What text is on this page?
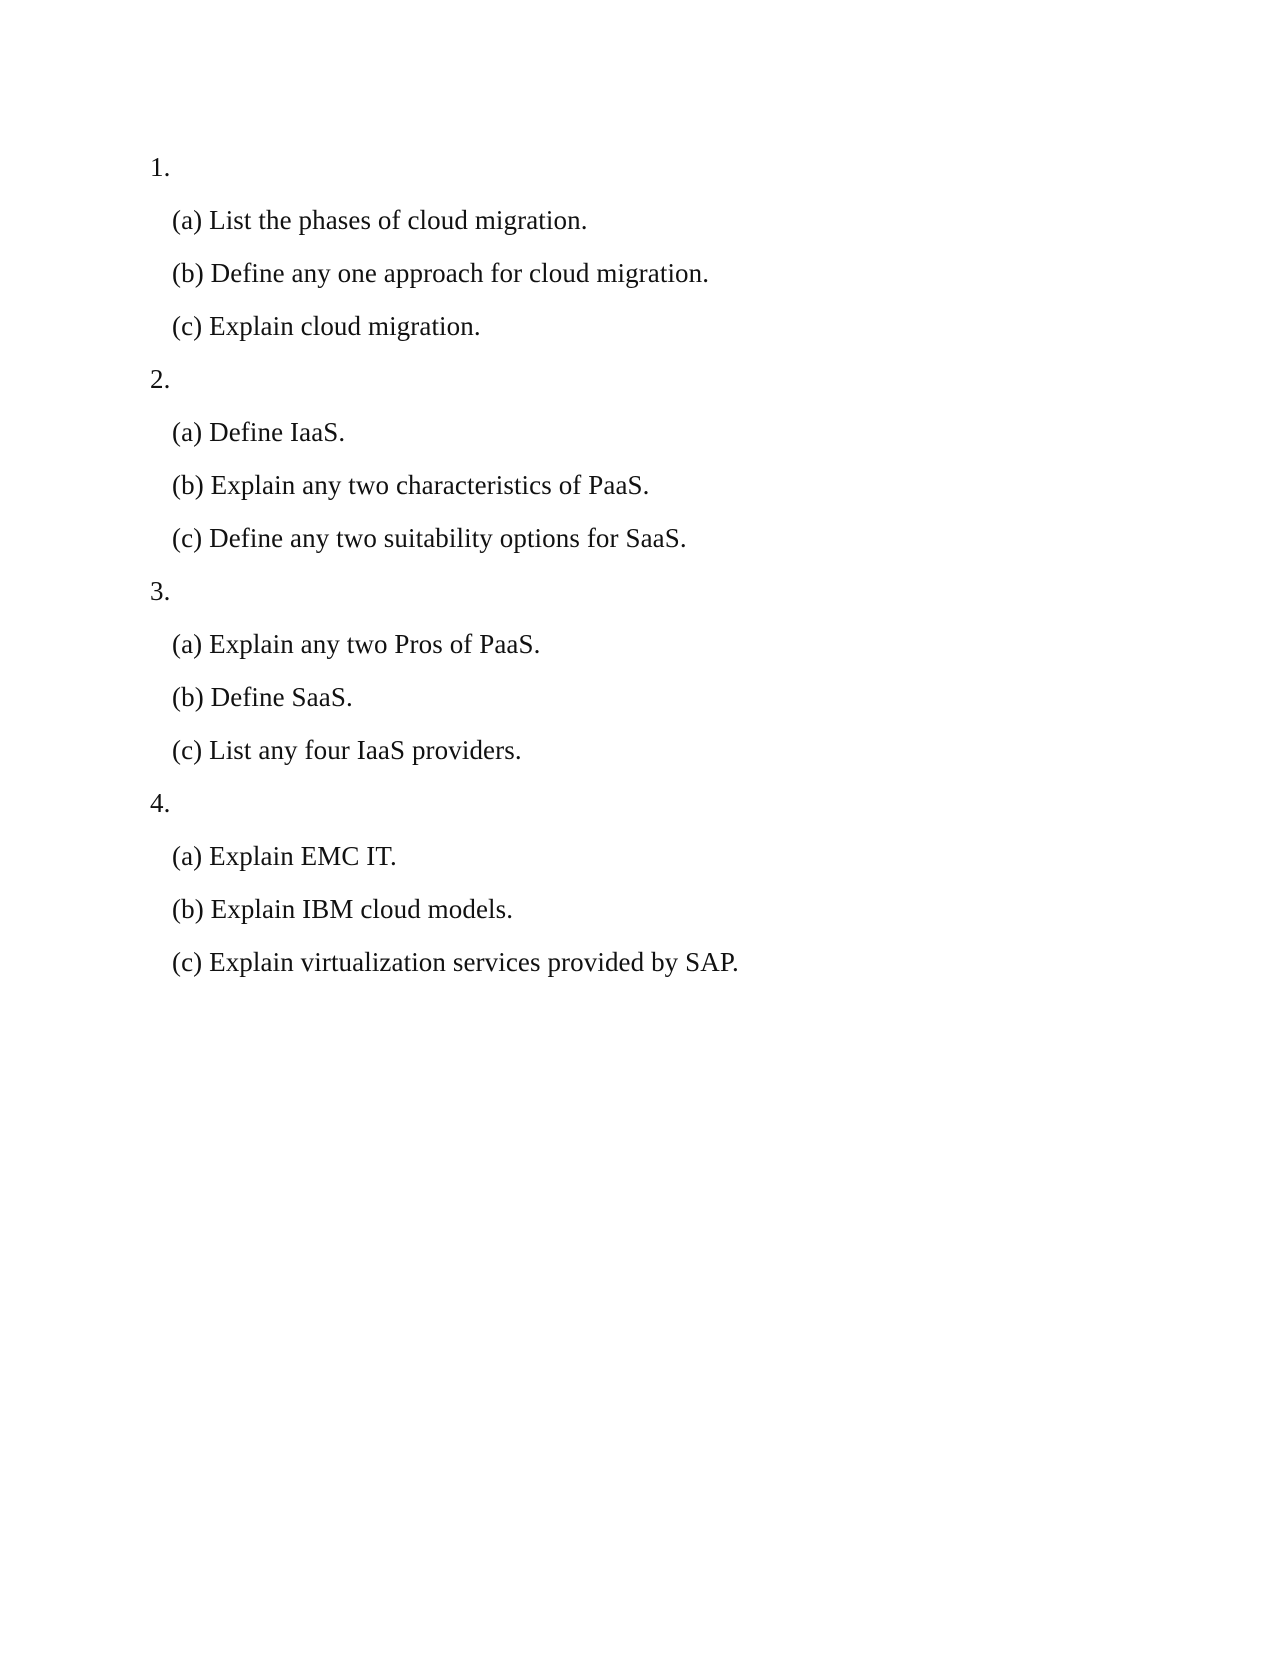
1.
(a) List the phases of cloud migration.
(b) Define any one approach for cloud migration.
(c) Explain cloud migration.
2.
(a) Define IaaS.
(b) Explain any two characteristics of PaaS.
(c) Define any two suitability options for SaaS.
3.
(a) Explain any two Pros of PaaS.
(b) Define SaaS.
(c) List any four IaaS providers.
4.
(a) Explain EMC IT.
(b) Explain IBM cloud models.
(c) Explain virtualization services provided by SAP.
